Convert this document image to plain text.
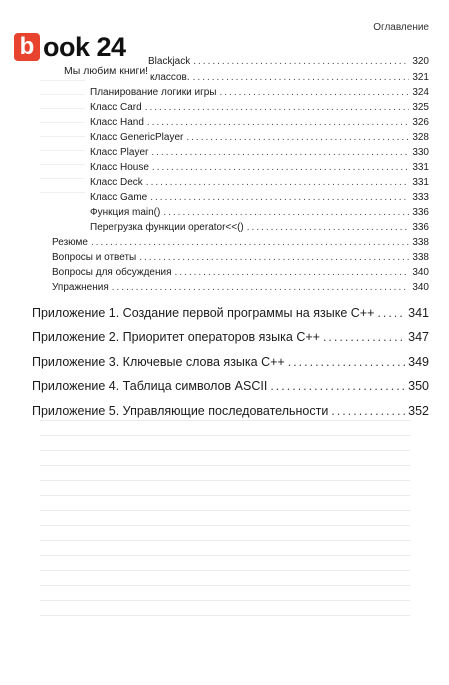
Оглавление
b ook 24
Мы любим книги!
Blackjack .....	320
классов. .....	321
Планирование логики игры .....	324
Класс Card .....	325
Класс Hand .....	326
Класс GenericPlayer .....	328
Класс Player .....	330
Класс House .....	331
Класс Deck .....	331
Класс Game .....	333
Функция main() .....	336
Перегрузка функции operator<<() .....	336
Резюме .....	338
Вопросы и ответы .....	338
Вопросы для обсуждения .....	340
Упражнения .....	340
Приложение 1. Создание первой программы на языке C++ .....	341
Приложение 2. Приоритет операторов языка C++ .....	347
Приложение 3. Ключевые слова языка C++ .....	349
Приложение 4. Таблица символов ASCII .....	350
Приложение 5. Управляющие последовательности .....	352
